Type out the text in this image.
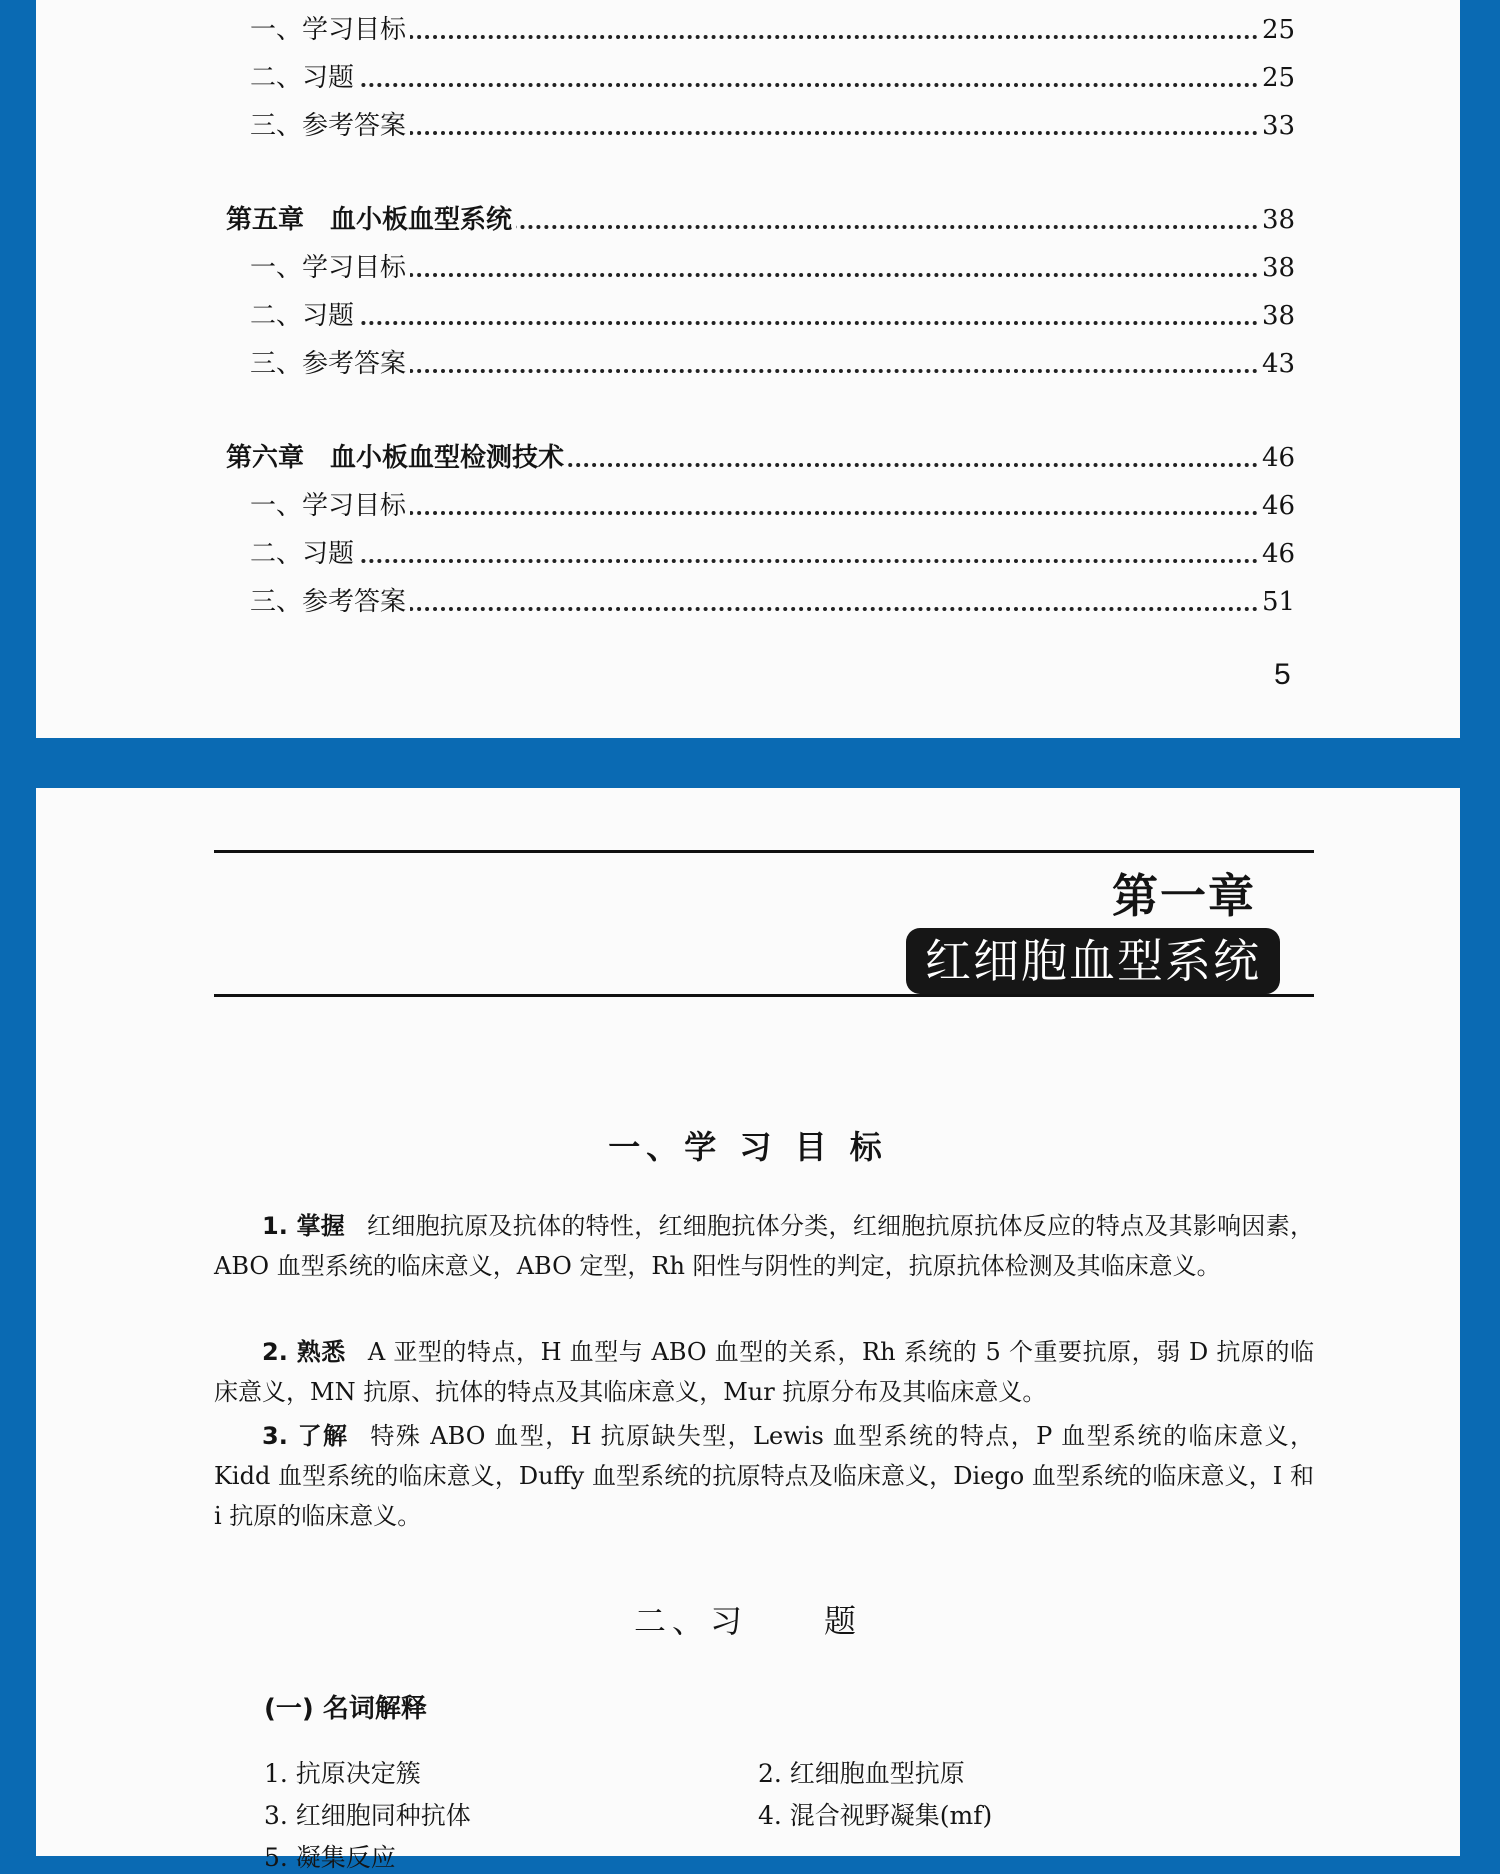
一、学习目标	25
二、习题	25
三、参考答案	33
第五章　血小板血型系统	38
一、学习目标	38
二、习题	38
三、参考答案	43
第六章　血小板血型检测技术	46
一、学习目标	46
二、习题	46
三、参考答案	51
5
第一章
红细胞血型系统
一、学 习 目 标
1. 掌握 红细胞抗原及抗体的特性，红细胞抗体分类，红细胞抗原抗体反应的特点及其影响因素，ABO 血型系统的临床意义，ABO 定型，Rh 阳性与阴性的判定，抗原抗体检测及其临床意义。
2. 熟悉 A 亚型的特点，H 血型与 ABO 血型的关系，Rh 系统的 5 个重要抗原，弱 D 抗原的临床意义，MN 抗原、抗体的特点及其临床意义，Mur 抗原分布及其临床意义。
3. 了解 特殊 ABO 血型，H 抗原缺失型，Lewis 血型系统的特点，P 血型系统的临床意义，Kidd 血型系统的临床意义，Duffy 血型系统的抗原特点及临床意义，Diego 血型系统的临床意义，I 和 i 抗原的临床意义。
二、习　　题
(一) 名词解释
1. 抗原决定簇	2. 红细胞血型抗原
3. 红细胞同种抗体	4. 混合视野凝集(mf)
5. 凝集反应
